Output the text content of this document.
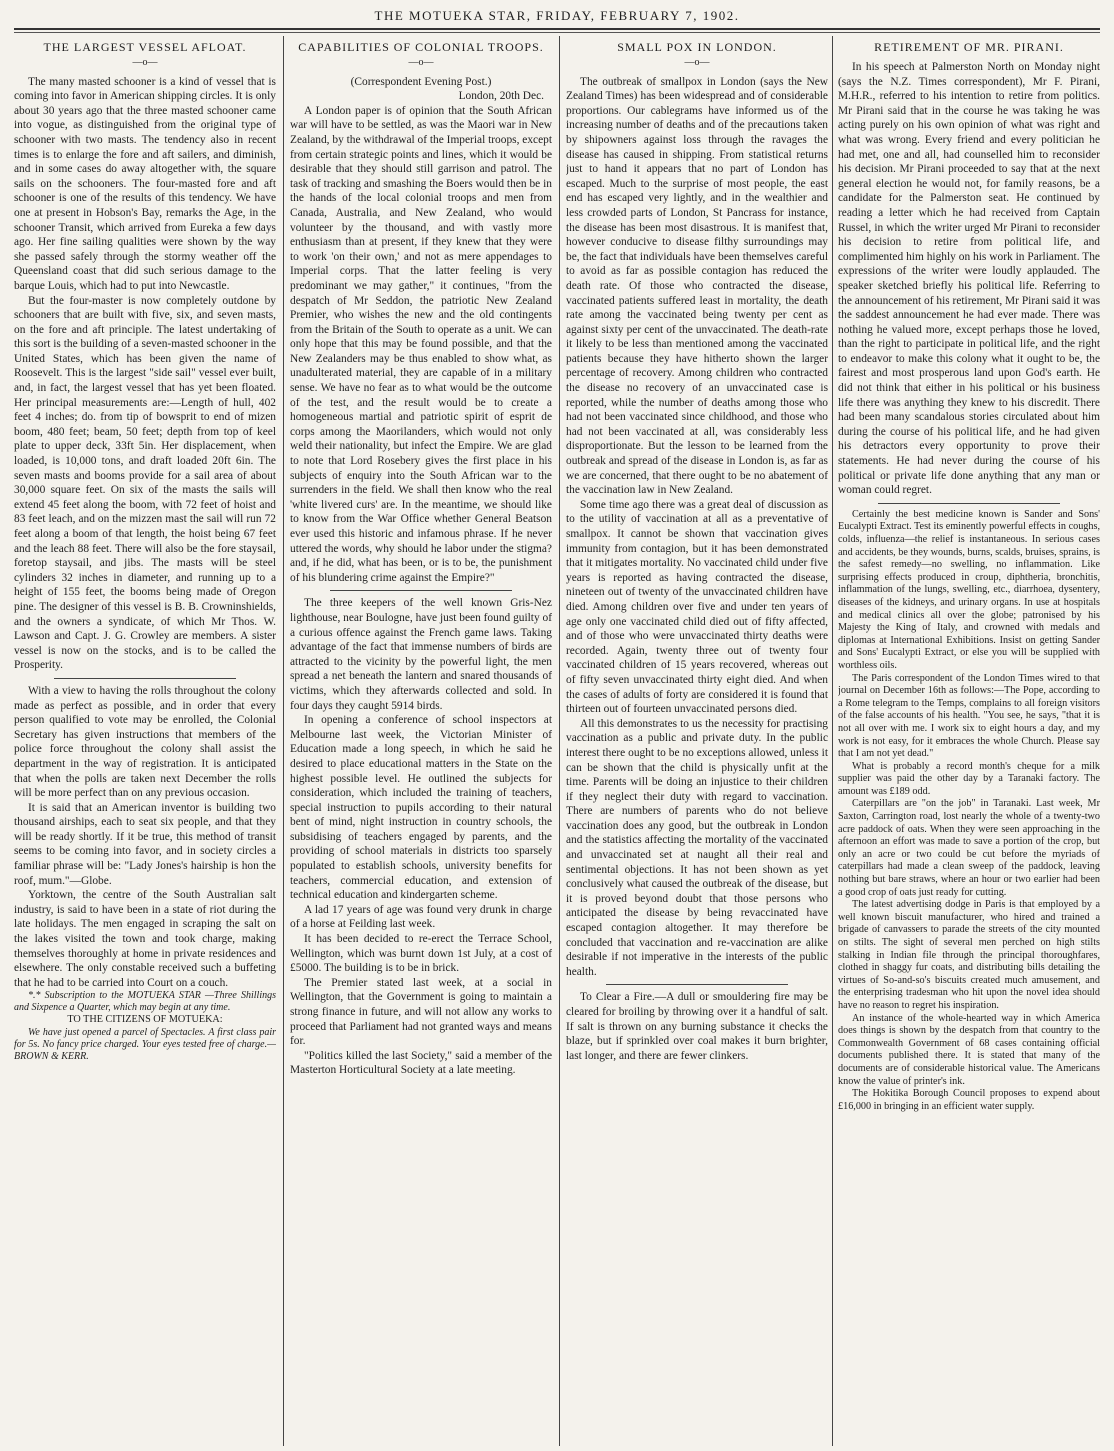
THE MOTUEKA STAR, FRIDAY, FEBRUARY 7, 1902.
THE LARGEST VESSEL AFLOAT.
—o—

The many masted schooner is a kind of vessel that is coming into favor in American shipping circles. It is only about 30 years ago that the three masted schooner came into vogue, as distinguished from the original type of schooner with two masts. The tendency also in recent times is to enlarge the fore and aft sailers, and diminish, and in some cases do away altogether with, the square sails on the schooners. The four-masted fore and aft schooner is one of the results of this tendency. We have one at present in Hobson's Bay, remarks the Age, in the schooner Transit, which arrived from Eureka a few days ago. Her fine sailing qualities were shown by the way she passed safely through the stormy weather off the Queensland coast that did such serious damage to the barque Louis, which had to put into Newcastle.

But the four-master is now completely outdone by schooners that are built with five, six, and seven masts, on the fore and aft principle. The latest undertaking of this sort is the building of a seven-masted schooner in the United States, which has been given the name of Roosevelt. This is the largest "side sail" vessel ever built, and, in fact, the largest vessel that has yet been floated. Her principal measurements are:—Length of hull, 402 feet 4 inches; do. from tip of bowsprit to end of mizen boom, 480 feet; beam, 50 feet; depth from top of keel plate to upper deck, 33ft 5in. Her displacement, when loaded, is 10,000 tons, and draft loaded 20ft 6in. The seven masts and booms provide for a sail area of about 30,000 square feet. On six of the masts the sails will extend 45 feet along the boom, with 72 feet of hoist and 83 feet leach, and on the mizzen mast the sail will run 72 feet along a boom of that length, the hoist being 67 feet and the leach 88 feet. There will also be the fore staysail, foretop staysail, and jibs. The masts will be steel cylinders 32 inches in diameter, and running up to a height of 155 feet, the booms being made of Oregon pine. The designer of this vessel is B. B. Crowninshields, and the owners a syndicate, of which Mr Thos. W. Lawson and Capt. J. G. Crowley are members. A sister vessel is now on the stocks, and is to be called the Prosperity.

With a view to having the rolls throughout the colony made as perfect as possible, and in order that every person qualified to vote may be enrolled, the Colonial Secretary has given instructions that members of the police force throughout the colony shall assist the department in the way of registration. It is anticipated that when the polls are taken next December the rolls will be more perfect than on any previous occasion.

It is said that an American inventor is building two thousand airships, each to seat six people, and that they will be ready shortly. If it be true, this method of transit seems to be coming into favor, and in society circles a familiar phrase will be: "Lady Jones's hairship is hon the roof, mum."—Globe.

Yorktown, the centre of the South Australian salt industry, is said to have been in a state of riot during the late holidays. The men engaged in scraping the salt on the lakes visited the town and took charge, making themselves thoroughly at home in private residences and elsewhere. The only constable received such a buffeting that he had to be carried into Court on a couch.

*.* Subscription to the MOTUEKA STAR —Three Shillings and Sixpence a Quarter, which may begin at any time.

TO THE CITIZENS OF MOTUEKA:

We have just opened a parcel of Spectacles. A first class pair for 5s. No fancy price charged. Your eyes tested free of charge.—BROWN & KERR.

CAPABILITIES OF COLONIAL TROOPS.
—o—

(Correspondent Evening Post.)

London, 20th Dec.

A London paper is of opinion that the South African war will have to be settled, as was the Maori war in New Zealand, by the withdrawal of the Imperial troops, except from certain strategic points and lines, which it would be desirable that they should still garrison and patrol. The task of tracking and smashing the Boers would then be in the hands of the local colonial troops and men from Canada, Australia, and New Zealand, who would volunteer by the thousand, and with vastly more enthusiasm than at present, if they knew that they were to work 'on their own,' and not as mere appendages to Imperial corps. That the latter feeling is very predominant we may gather," it continues, "from the despatch of Mr Seddon, the patriotic New Zealand Premier, who wishes the new and the old contingents from the Britain of the South to operate as a unit. We can only hope that this may be found possible, and that the New Zealanders may be thus enabled to show what, as unadulterated material, they are capable of in a military sense. We have no fear as to what would be the outcome of the test, and the result would be to create a homogeneous martial and patriotic spirit of esprit de corps among the Maorilanders, which would not only weld their nationality, but infect the Empire. We are glad to note that Lord Rosebery gives the first place in his subjects of enquiry into the South African war to the surrenders in the field. We shall then know who the real 'white livered curs' are. In the meantime, we should like to know from the War Office whether General Beatson ever used this historic and infamous phrase. If he never uttered the words, why should he labor under the stigma? and, if he did, what has been, or is to be, the punishment of his blundering crime against the Empire?"

The three keepers of the well known Gris-Nez lighthouse, near Boulogne, have just been found guilty of a curious offence against the French game laws. Taking advantage of the fact that immense numbers of birds are attracted to the vicinity by the powerful light, the men spread a net beneath the lantern and snared thousands of victims, which they afterwards collected and sold. In four days they caught 5914 birds.

In opening a conference of school inspectors at Melbourne last week, the Victorian Minister of Education made a long speech, in which he said he desired to place educational matters in the State on the highest possible level. He outlined the subjects for consideration, which included the training of teachers, special instruction to pupils according to their natural bent of mind, night instruction in country schools, the subsidising of teachers engaged by parents, and the providing of school materials in districts too sparsely populated to establish schools, university benefits for teachers, commercial education, and extension of technical education and kindergarten scheme.

A lad 17 years of age was found very drunk in charge of a horse at Feilding last week.

It has been decided to re-erect the Terrace School, Wellington, which was burnt down 1st July, at a cost of £5000. The building is to be in brick.

The Premier stated last week, at a social in Wellington, that the Government is going to maintain a strong finance in future, and will not allow any works to proceed that Parliament had not granted ways and means for.

"Politics killed the last Society," said a member of the Masterton Horticultural Society at a late meeting.

SMALL POX IN LONDON.
—o—

The outbreak of smallpox in London (says the New Zealand Times) has been widespread and of considerable proportions. Our cablegrams have informed us of the increasing number of deaths and of the precautions taken by shipowners against loss through the ravages the disease has caused in shipping. From statistical returns just to hand it appears that no part of London has escaped. Much to the surprise of most people, the east end has escaped very lightly, and in the wealthier and less crowded parts of London, St Pancrass for instance, the disease has been most disastrous. It is manifest that, however conducive to disease filthy surroundings may be, the fact that individuals have been themselves careful to avoid as far as possible contagion has reduced the death rate. Of those who contracted the disease, vaccinated patients suffered least in mortality, the death rate among the vaccinated being twenty per cent as against sixty per cent of the unvaccinated. The death-rate it likely to be less than mentioned among the vaccinated patients because they have hitherto shown the larger percentage of recovery. Among children who contracted the disease no recovery of an unvaccinated case is reported, while the number of deaths among those who had not been vaccinated since childhood, and those who had not been vaccinated at all, was considerably less disproportionate. But the lesson to be learned from the outbreak and spread of the disease in London is, as far as we are concerned, that there ought to be no abatement of the vaccination law in New Zealand.

Some time ago there was a great deal of discussion as to the utility of vaccination at all as a preventative of smallpox. It cannot be shown that vaccination gives immunity from contagion, but it has been demonstrated that it mitigates mortality. No vaccinated child under five years is reported as having contracted the disease, nineteen out of twenty of the unvaccinated children have died. Among children over five and under ten years of age only one vaccinated child died out of fifty affected, and of those who were unvaccinated thirty deaths were recorded. Again, twenty three out of twenty four vaccinated children of 15 years recovered, whereas out of fifty seven unvaccinated thirty eight died. And when the cases of adults of forty are considered it is found that thirteen out of fourteen unvaccinated persons died.

All this demonstrates to us the necessity for practising vaccination as a public and private duty. In the public interest there ought to be no exceptions allowed, unless it can be shown that the child is physically unfit at the time. Parents will be doing an injustice to their children if they neglect their duty with regard to vaccination. There are numbers of parents who do not believe vaccination does any good, but the outbreak in London and the statistics affecting the mortality of the vaccinated and unvaccinated set at naught all their real and sentimental objections. It has not been shown as yet conclusively what caused the outbreak of the disease, but it is proved beyond doubt that those persons who anticipated the disease by being revaccinated have escaped contagion altogether. It may therefore be concluded that vaccination and re-vaccination are alike desirable if not imperative in the interests of the public health.

To Clear a Fire.—A dull or smouldering fire may be cleared for broiling by throwing over it a handful of salt. If salt is thrown on any burning substance it checks the blaze, but if sprinkled over coal makes it burn brighter, last longer, and there are fewer clinkers.

RETIREMENT OF MR. PIRANI.

In his speech at Palmerston North on Monday night (says the N.Z. Times correspondent), Mr F. Pirani, M.H.R., referred to his intention to retire from politics. Mr Pirani said that in the course he was taking he was acting purely on his own opinion of what was right and what was wrong. Every friend and every politician he had met, one and all, had counselled him to reconsider his decision. Mr Pirani proceeded to say that at the next general election he would not, for family reasons, be a candidate for the Palmerston seat. He continued by reading a letter which he had received from Captain Russel, in which the writer urged Mr Pirani to reconsider his decision to retire from political life, and complimented him highly on his work in Parliament. The expressions of the writer were loudly applauded. The speaker sketched briefly his political life. Referring to the announcement of his retirement, Mr Pirani said it was the saddest announcement he had ever made. There was nothing he valued more, except perhaps those he loved, than the right to participate in political life, and the right to endeavor to make this colony what it ought to be, the fairest and most prosperous land upon God's earth. He did not think that either in his political or his business life there was anything they knew to his discredit. There had been many scandalous stories circulated about him during the course of his political life, and he had given his detractors every opportunity to prove their statements. He had never during the course of his political or private life done anything that any man or woman could regret.

Certainly the best medicine known is Sander and Sons' Eucalypti Extract. Test its eminently powerful effects in coughs, colds, influenza—the relief is instantaneous. In serious cases and accidents, be they wounds, burns, scalds, bruises, sprains, is the safest remedy—no swelling, no inflammation. Like surprising effects produced in croup, diphtheria, bronchitis, inflammation of the lungs, swelling, etc., diarrhoea, dysentery, diseases of the kidneys, and urinary organs. In use at hospitals and medical clinics all over the globe; patronised by his Majesty the King of Italy, and crowned with medals and diplomas at International Exhibitions. Insist on getting Sander and Sons' Eucalypti Extract, or else you will be supplied with worthless oils.

The Paris correspondent of the London Times wired to that journal on December 16th as follows:—The Pope, according to a Rome telegram to the Temps, complains to all foreign visitors of the false accounts of his health. "You see, he says, "that it is not all over with me. I work six to eight hours a day, and my work is not easy, for it embraces the whole Church. Please say that I am not yet dead."

What is probably a record month's cheque for a milk supplier was paid the other day by a Taranaki factory. The amount was £189 odd.

Caterpillars are "on the job" in Taranaki. Last week, Mr Saxton, Carrington road, lost nearly the whole of a twenty-two acre paddock of oats. When they were seen approaching in the afternoon an effort was made to save a portion of the crop, but only an acre or two could be cut before the myriads of caterpillars had made a clean sweep of the paddock, leaving nothing but bare straws, where an hour or two earlier had been a good crop of oats just ready for cutting.

The latest advertising dodge in Paris is that employed by a well known biscuit manufacturer, who hired and trained a brigade of canvassers to parade the streets of the city mounted on stilts. The sight of several men perched on high stilts stalking in Indian file through the principal thoroughfares, clothed in shaggy fur coats, and distributing bills detailing the virtues of So-and-so's biscuits created much amusement, and the enterprising tradesman who hit upon the novel idea should have no reason to regret his inspiration.

An instance of the whole-hearted way in which America does things is shown by the despatch from that country to the Commonwealth Government of 68 cases containing official documents published there. It is stated that many of the documents are of considerable historical value. The Americans know the value of printer's ink.

The Hokitika Borough Council proposes to expend about £16,000 in bringing in an efficient water supply.
